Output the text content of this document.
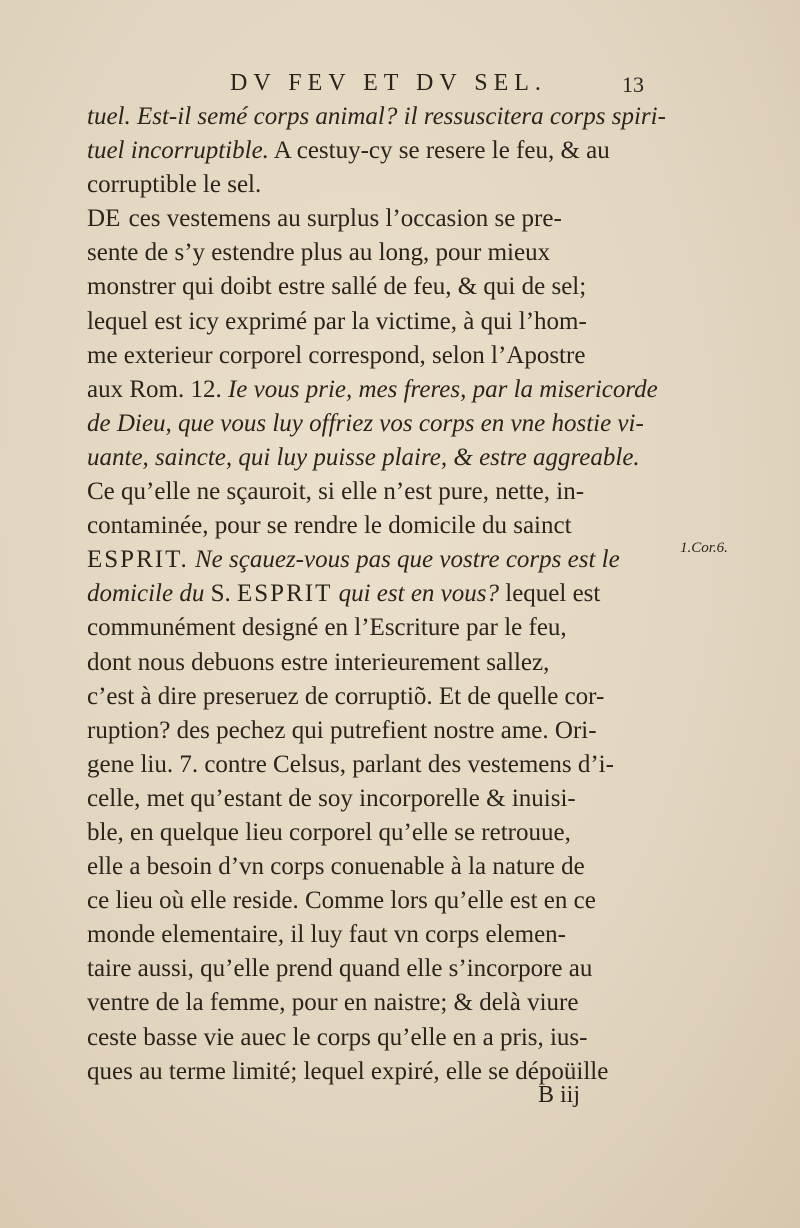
DV FEV ET DV SEL.	13
tuel. Est-il semé corps animal? il ressuscitera corps spiri-
tuel incorruptible. A cestuy-cy se resere le feu, & au
corruptible le sel.
DE ces vestemens au surplus l’occasion se pre-
sente de s’y estendre plus au long, pour mieux
monstrer qui doibt estre sallé de feu, & qui de sel;
lequel est icy exprimé par la victime, à qui l’hom-
me exterieur corporel correspond, selon l’Apostre
aux Rom. 12. Ie vous prie, mes freres, par la misericorde
de Dieu, que vous luy offriez vos corps en vne hostie vi-
uante, saincte, qui luy puisse plaire, & estre aggreable.
Ce qu’elle ne sçauroit, si elle n’est pure, nette, in-
contaminée, pour se rendre le domicile du sainct
ESPRIT. Ne sçauez-vous pas que vostre corps est le
domicile du S. ESPRIT qui est en vous? lequel est
communément designé en l’Escriture par le feu,
dont nous debuons estre interieurement sallez,
c’est à dire preseruez de corruptiõ. Et de quelle cor-
ruption? des pechez qui putrefient nostre ame. Ori-
gene liu. 7. contre Celsus, parlant des vestemens d’i-
celle, met qu’estant de soy incorporelle & inuisi-
ble, en quelque lieu corporel qu’elle se retrouue,
elle a besoin d’vn corps conuenable à la nature de
ce lieu où elle reside. Comme lors qu’elle est en ce
monde elementaire, il luy faut vn corps elemen-
taire aussi, qu’elle prend quand elle s’incorpore au
ventre de la femme, pour en naistre; & delà viure
ceste basse vie auec le corps qu’elle en a pris, ius-
ques au terme limité; lequel expiré, elle se dépoüille
1.Cor.6.
B iij
